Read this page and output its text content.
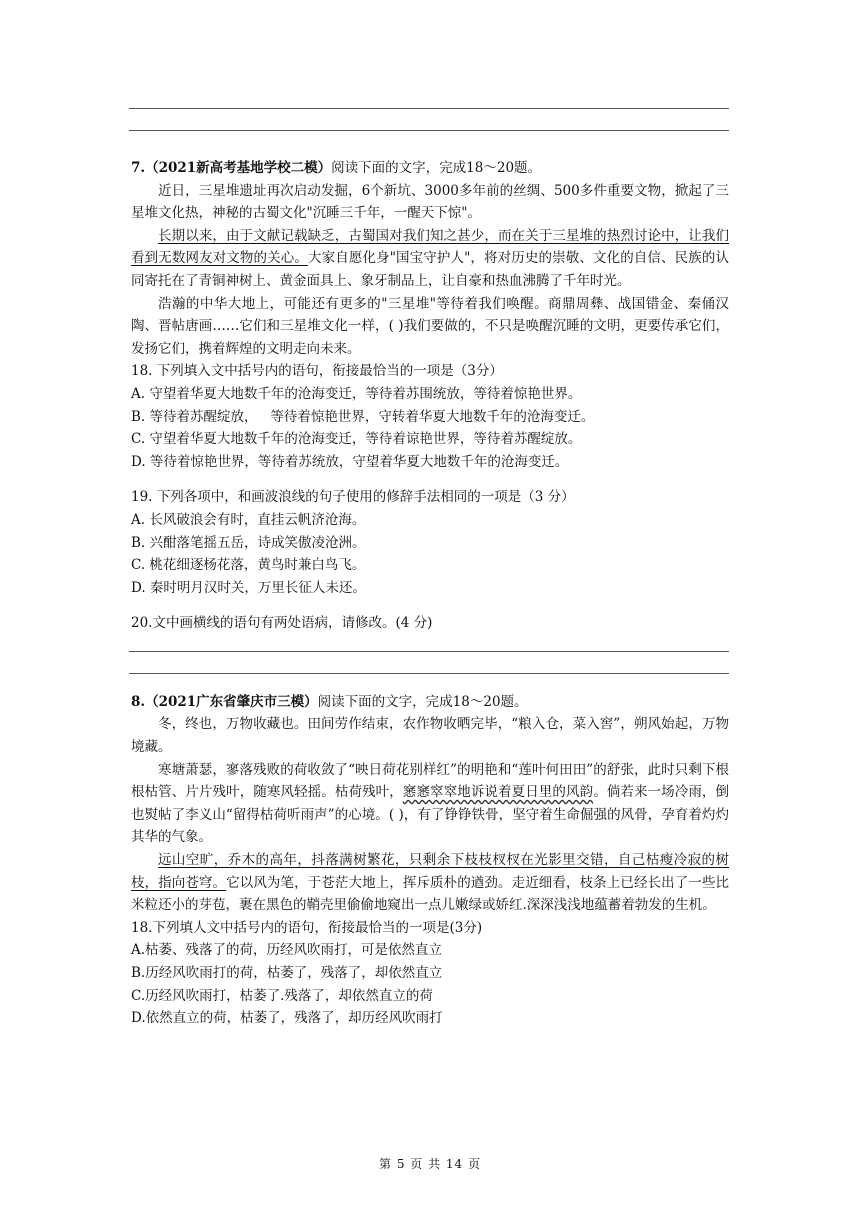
7.（2021新高考基地学校二模）阅读下面的文字，完成18～20题。

近日，三星堆遗址再次启动发掘，6个新坑、3000多年前的丝绸、500多件重要文物，掀起了三星堆文化热，神秘的古蜀文化"沉睡三千年，一醒天下惊"。

长期以来，由于文献记载缺乏，古蜀国对我们知之甚少，而在关于三星堆的热烈讨论中，让我们看到无数网友对文物的关心。大家自愿化身"国宝守护人"，将对历史的崇敬、文化的自信、民族的认同寄托在了青铜神树上、黄金面具上、象牙制品上，让自豪和热血沸腾了千年时光。

浩瀚的中华大地上，可能还有更多的"三星堆"等待着我们唤醒。商鼎周彝、战国错金、秦俑汉陶、晋帖唐画……它们和三星堆文化一样，( )我们要做的，不只是唤醒沉睡的文明，更要传承它们，发扬它们，携着辉煌的文明走向未来。

18. 下列填入文中括号内的语句，衔接最恰当的一项是（3分）

A. 守望着华夏大地数千年的沧海变迁，等待着苏围统放，等待着惊艳世界。

B. 等待着苏醒绽放，   等待着惊艳世界，守转着华夏大地数千年的沧海变迁。

C. 守望着华夏大地数千年的沧海变迁，等待着谅艳世界，等待着苏醒绽放。

D. 等待着惊艳世界，等待着苏统放，守望着华夏大地数千年的沧海变迁。

19. 下列各项中，和画波浪线的句子使用的修辞手法相同的一项是（3 分）

A. 长风破浪会有时，直挂云帆济沧海。

B. 兴酣落笔摇五岳，诗成笑傲凌沧洲。

C. 桃花细逐杨花落，黄鸟时兼白鸟飞。

D. 秦时明月汉时关，万里长征人未还。

20.文中画横线的语句有两处语病，请修改。(4 分)

8.（2021广东省肇庆市三模）阅读下面的文字，完成18～20题。

冬，终也，万物收藏也。田间劳作结束，农作物收晒完毕，“粮入仓，菜入窖”，朔风始起，万物境藏。

寒塘萧瑟，寥落残败的荷收敛了“映日荷花别样红”的明艳和“莲叶何田田”的舒张，此时只剩下根根枯管、片片残叶，随寒风轻摇。枯荷残叶，窸窸窣窣地诉说着夏日里的风韵。倘若来一场冷雨，倒也熨帖了李义山“留得枯荷听雨声”的心境。( )，有了铮铮铁骨，坚守着生命倔强的风骨，孕育着灼灼其华的气象。

远山空旷，乔木的高年，抖落满树繁花，只剩余下枝枝杈杈在光影里交错，自己枯瘦冷寂的树枝，指向苍穹。它以风为笔，于苍茫大地上，挥斥质朴的遒劲。走近细看，枝条上已经长出了一些比米粒还小的芽苞，裹在黑色的鞘壳里偷偷地窥出一点儿嫩绿或娇红.深深浅浅地蕴蓄着勃发的生机。

18.下列填人文中括号内的语句，衔接最恰当的一项是(3分)

A.枯萎、残落了的荷，历经风吹雨打，可是依然直立

B.历经风吹雨打的荷，枯萎了，残落了，却依然直立

C.历经风吹雨打，枯萎了.残落了，却依然直立的荷

D.依然直立的荷，枯萎了，残落了，却历经风吹雨打

第 5 页 共 14 页
